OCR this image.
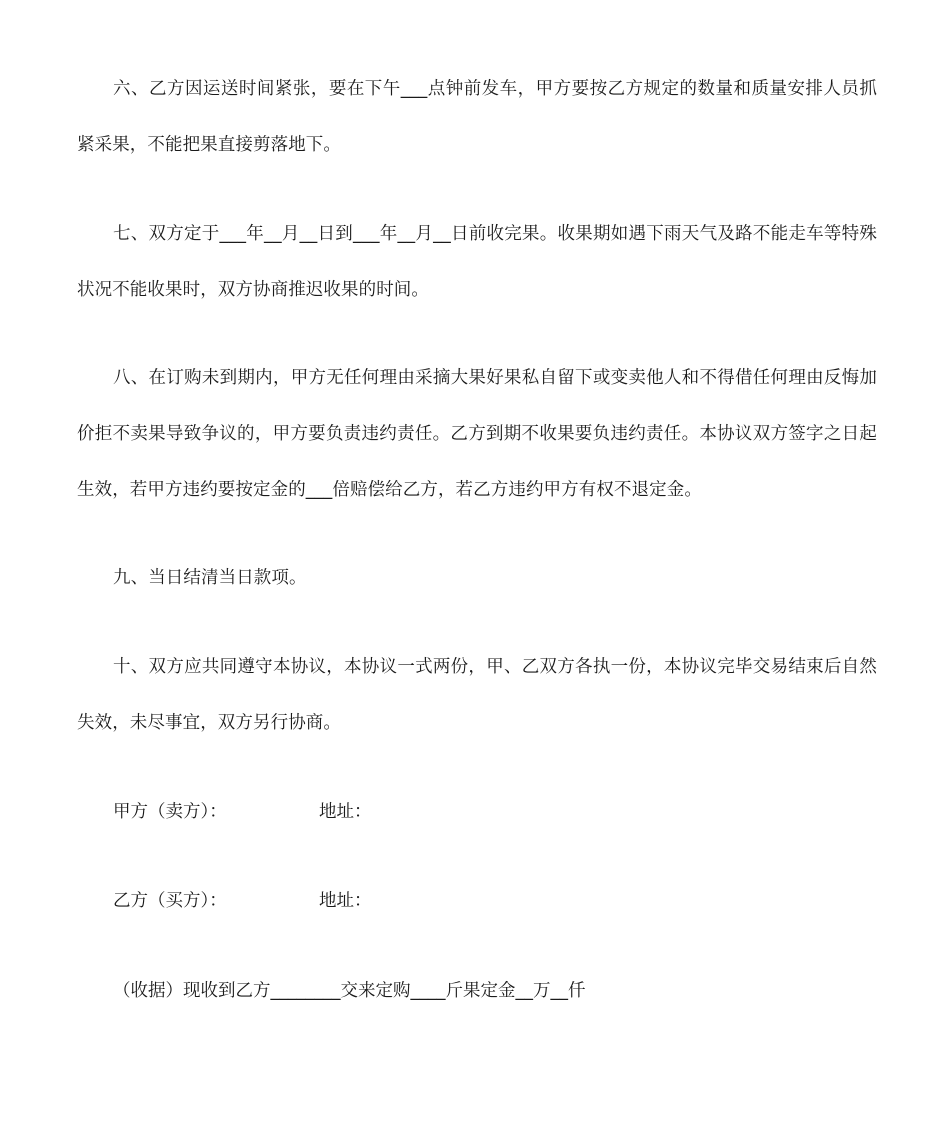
六、乙方因运送时间紧张，要在下午___点钟前发车，甲方要按乙方规定的数量和质量安排人员抓紧采果，不能把果直接剪落地下。

七、双方定于___年__月__日到___年__月__日前收完果。收果期如遇下雨天气及路不能走车等特殊状况不能收果时，双方协商推迟收果的时间。

八、在订购未到期内，甲方无任何理由采摘大果好果私自留下或变卖他人和不得借任何理由反悔加价拒不卖果导致争议的，甲方要负责违约责任。乙方到期不收果要负违约责任。本协议双方签字之日起生效，若甲方违约要按定金的___倍赔偿给乙方，若乙方违约甲方有权不退定金。

九、当日结清当日款项。

十、双方应共同遵守本协议，本协议一式两份，甲、乙双方各执一份，本协议完毕交易结束后自然失效，未尽事宜，双方另行协商。

甲方（卖方）：	地址：
乙方（买方）：	地址：
（收据）现收到乙方________交来定购____斤果定金__万__仟
